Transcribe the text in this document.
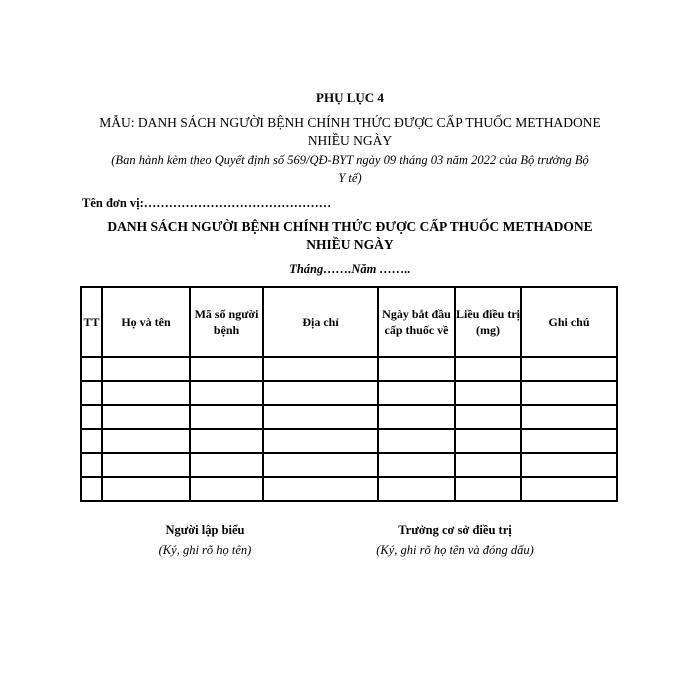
PHỤ LỤC 4
MẪU: DANH SÁCH NGƯỜI BỆNH CHÍNH THỨC ĐƯỢC CẤP THUỐC METHADONE
NHIỀU NGÀY
(Ban hành kèm theo Quyết định số 569/QĐ-BYT ngày 09 tháng 03 năm 2022 của Bộ trưởng Bộ
Y tế)
Tên đơn vị:………………………………………
DANH SÁCH NGƯỜI BỆNH CHÍNH THỨC ĐƯỢC CẤP THUỐC METHADONE
NHIỀU NGÀY
Tháng…….Năm ……..
TT	Họ và tên	Mã số người bệnh	Địa chỉ	Ngày bắt đầu cấp thuốc về	Liều điều trị (mg)	Ghi chú

Người lập biểu
(Ký, ghi rõ họ tên)
Trưởng cơ sở điều trị
(Ký, ghi rõ họ tên và đóng dấu)
